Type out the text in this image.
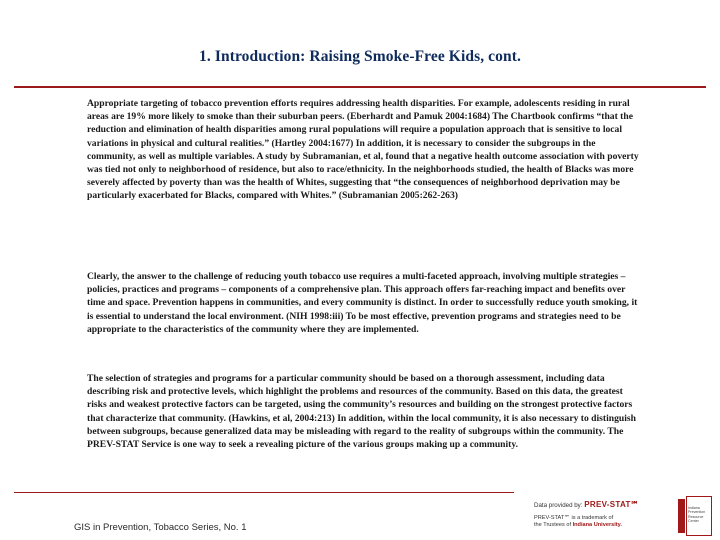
1. Introduction: Raising Smoke-Free Kids, cont.

Appropriate targeting of tobacco prevention efforts requires addressing health disparities. For example, adolescents residing in rural areas are 19% more likely to smoke than their suburban peers. (Eberhardt and Pamuk 2004:1684) The Chartbook confirms “that the reduction and elimination of health disparities among rural populations will require a population approach that is sensitive to local variations in physical and cultural realities.” (Hartley 2004:1677) In addition, it is necessary to consider the subgroups in the community, as well as multiple variables. A study by Subramanian, et al, found that a negative health outcome association with poverty was tied not only to neighborhood of residence, but also to race/ethnicity. In the neighborhoods studied, the health of Blacks was more severely affected by poverty than was the health of Whites, suggesting that “the consequences of neighborhood deprivation may be particularly exacerbated for Blacks, compared with Whites.” (Subramanian 2005:262-263)

Clearly, the answer to the challenge of reducing youth tobacco use requires a multi-faceted approach, involving multiple strategies – policies, practices and programs – components of a comprehensive plan. This approach offers far-reaching impact and benefits over time and space. Prevention happens in communities, and every community is distinct. In order to successfully reduce youth smoking, it is essential to understand the local environment. (NIH 1998:iii) To be most effective, prevention programs and strategies need to be appropriate to the characteristics of the community where they are implemented.

The selection of strategies and programs for a particular community should be based on a thorough assessment, including data describing risk and protective levels, which highlight the problems and resources of the community. Based on this data, the greatest risks and weakest protective factors can be targeted, using the community’s resources and building on the strongest protective factors that characterize that community. (Hawkins, et al, 2004:213) In addition, within the local community, it is also necessary to distinguish between subgroups, because generalized data may be misleading with regard to the reality of subgroups within the community. The PREV-STAT Service is one way to seek a revealing picture of the various groups making up a community.

GIS in Prevention, Tobacco Series, No. 1
Data provided by: PREV-STAT℠
PREV-STAT℠ is a trademark of
the Trustees of Indiana University.
Indiana Prevention Resource Center
